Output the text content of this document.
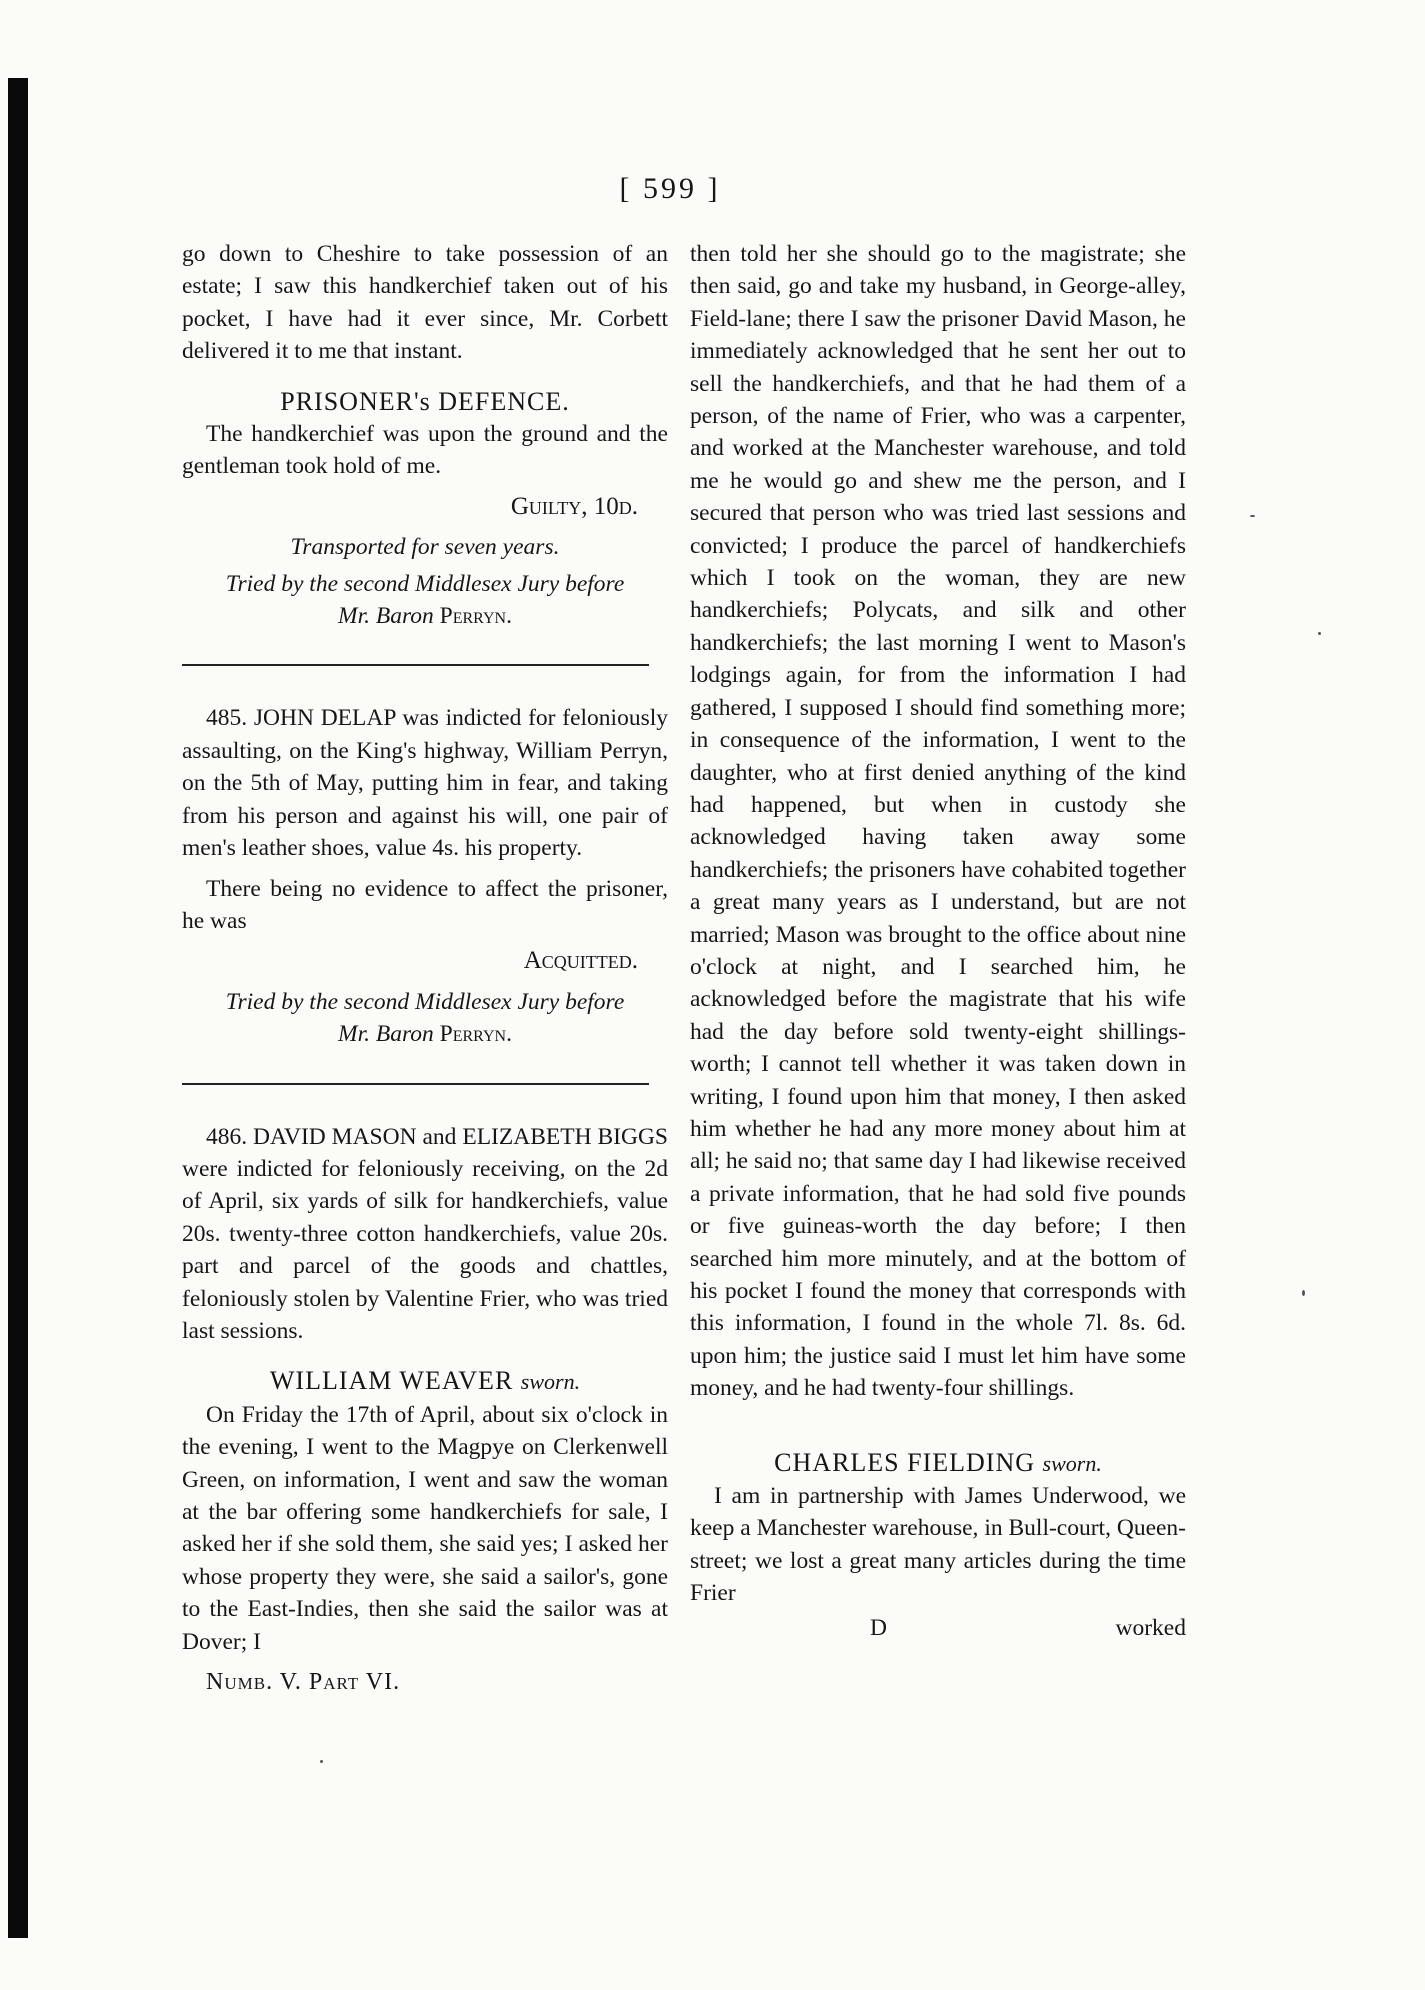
[ 599 ]

go down to Cheshire to take possession of an estate; I saw this handkerchief taken out of his pocket, I have had it ever since, Mr. Corbett delivered it to me that instant.

PRISONER's DEFENCE.

The handkerchief was upon the ground and the gentleman took hold of me.

Guilty, 10d.

Transported for seven years.

Tried by the second Middlesex Jury before
Mr. Baron Perryn.

485. JOHN DELAP was indicted for feloniously assaulting, on the King's highway, William Perryn, on the 5th of May, putting him in fear, and taking from his person and against his will, one pair of men's leather shoes, value 4s. his property.

There being no evidence to affect the prisoner, he was

Acquitted.

Tried by the second Middlesex Jury before
Mr. Baron Perryn.

486. DAVID MASON and ELIZABETH BIGGS were indicted for feloniously receiving, on the 2d of April, six yards of silk for handkerchiefs, value 20s. twenty-three cotton handkerchiefs, value 20s. part and parcel of the goods and chattles, feloniously stolen by Valentine Frier, who was tried last sessions.

WILLIAM WEAVER sworn.

On Friday the 17th of April, about six o'clock in the evening, I went to the Magpye on Clerkenwell Green, on information, I went and saw the woman at the bar offering some handkerchiefs for sale, I asked her if she sold them, she said yes; I asked her whose property they were, she said a sailor's, gone to the East-Indies, then she said the sailor was at Dover; I

Numb. V. Part VI.

then told her she should go to the magistrate; she then said, go and take my husband, in George-alley, Field-lane; there I saw the prisoner David Mason, he immediately acknowledged that he sent her out to sell the handkerchiefs, and that he had them of a person, of the name of Frier, who was a carpenter, and worked at the Manchester warehouse, and told me he would go and shew me the person, and I secured that person who was tried last sessions and convicted; I produce the parcel of handkerchiefs which I took on the woman, they are new handkerchiefs; Polycats, and silk and other handkerchiefs; the last morning I went to Mason's lodgings again, for from the information I had gathered, I supposed I should find something more; in consequence of the information, I went to the daughter, who at first denied anything of the kind had happened, but when in custody she acknowledged having taken away some handkerchiefs; the prisoners have cohabited together a great many years as I understand, but are not married; Mason was brought to the office about nine o'clock at night, and I searched him, he acknowledged before the magistrate that his wife had the day before sold twenty-eight shillings-worth; I cannot tell whether it was taken down in writing, I found upon him that money, I then asked him whether he had any more money about him at all; he said no; that same day I had likewise received a private information, that he had sold five pounds or five guineas-worth the day before; I then searched him more minutely, and at the bottom of his pocket I found the money that corresponds with this information, I found in the whole 7l. 8s. 6d. upon him; the justice said I must let him have some money, and he had twenty-four shillings.

CHARLES FIELDING sworn.

I am in partnership with James Underwood, we keep a Manchester warehouse, in Bull-court, Queen-street; we lost a great many articles during the time Frier

D	worked
